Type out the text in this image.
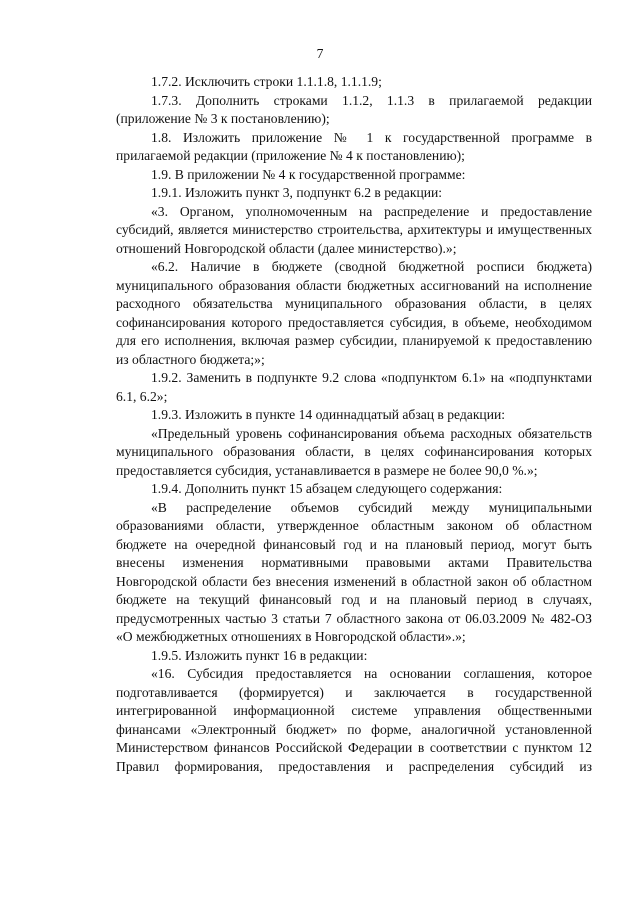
7

1.7.2. Исключить строки 1.1.1.8, 1.1.1.9;

1.7.3. Дополнить строками 1.1.2, 1.1.3 в прилагаемой редакции (приложение № 3 к постановлению);

1.8. Изложить приложение № 1 к государственной программе в прилагаемой редакции (приложение № 4 к постановлению);

1.9. В приложении № 4 к государственной программе:

1.9.1. Изложить пункт 3, подпункт 6.2 в редакции:

«3. Органом, уполномоченным на распределение и предоставление субсидий, является министерство строительства, архитектуры и имущественных отношений Новгородской области (далее министерство).»;

«6.2. Наличие в бюджете (сводной бюджетной росписи бюджета) муниципального образования области бюджетных ассигнований на исполнение расходного обязательства муниципального образования области, в целях софинансирования которого предоставляется субсидия, в объеме, необходимом для его исполнения, включая размер субсидии, планируемой к предоставлению из областного бюджета;»;

1.9.2. Заменить в подпункте 9.2 слова «подпунктом 6.1» на «подпунктами 6.1, 6.2»;

1.9.3. Изложить в пункте 14 одиннадцатый абзац в редакции:

«Предельный уровень софинансирования объема расходных обязательств муниципального образования области, в целях софинансирования которых предоставляется субсидия, устанавливается в размере не более 90,0 %.»;

1.9.4. Дополнить пункт 15 абзацем следующего содержания:

«В распределение объемов субсидий между муниципальными образованиями области, утвержденное областным законом об областном бюджете на очередной финансовый год и на плановый период, могут быть внесены изменения нормативными правовыми актами Правительства Новгородской области без внесения изменений в областной закон об областном бюджете на текущий финансовый год и на плановый период в случаях, предусмотренных частью 3 статьи 7 областного закона от 06.03.2009 № 482-ОЗ «О межбюджетных отношениях в Новгородской области».»;

1.9.5. Изложить пункт 16 в редакции:

«16. Субсидия предоставляется на основании соглашения, которое подготавливается (формируется) и заключается в государственной интегрированной информационной системе управления общественными финансами «Электронный бюджет» по форме, аналогичной установленной Министерством финансов Российской Федерации в соответствии с пунктом 12 Правил формирования, предоставления и распределения субсидий из
